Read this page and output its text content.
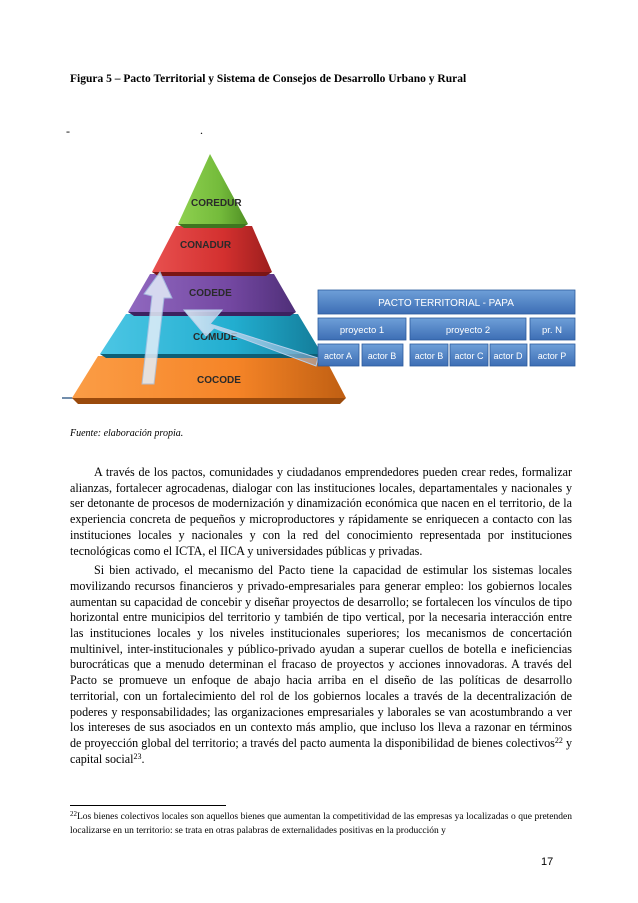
Figura 5 – Pacto Territorial y Sistema de Consejos de Desarrollo Urbano y Rural
-	.
COCODE
COMUDE
CODEDE
CONADUR
COREDUR
PACTO TERRITORIAL - PAPA
proyecto 1	proyecto 2	pr. N
actor A actor B actor B actor C actor D actor P
Fuente: elaboración propia.

A través de los pactos, comunidades y ciudadanos emprendedores pueden crear redes, formalizar alianzas, fortalecer agrocadenas, dialogar con las instituciones locales, departamentales y nacionales y ser detonante de procesos de modernización y dinamización económica que nacen en el territorio, de la experiencia concreta de pequeños y microproductores y rápidamente se enriquecen a contacto con las instituciones locales y nacionales y con la red del conocimiento representada por instituciones tecnológicas como el ICTA, el IICA y universidades públicas y privadas.

Si bien activado, el mecanismo del Pacto tiene la capacidad de estimular los sistemas locales movilizando recursos financieros y privado-empresariales para generar empleo: los gobiernos locales aumentan su capacidad de concebir y diseñar proyectos de desarrollo; se fortalecen los vínculos de tipo horizontal entre municipios del territorio y también de tipo vertical, por la necesaria interacción entre las instituciones locales y los niveles institucionales superiores; los mecanismos de concertación multinivel, inter-institucionales y público-privado ayudan a superar cuellos de botella e ineficiencias burocráticas que a menudo determinan el fracaso de proyectos y acciones innovadoras. A través del Pacto se promueve un enfoque de abajo hacia arriba en el diseño de las políticas de desarrollo territorial, con un fortalecimiento del rol de los gobiernos locales a través de la decentralización de poderes y responsabilidades; las organizaciones empresariales y laborales se van acostumbrando a ver los intereses de sus asociados en un contexto más amplio, que incluso los lleva a razonar en términos de proyección global del territorio; a través del pacto aumenta la disponibilidad de bienes colectivos$^{22}$ y capital social$^{23}$.

$^{22}$Los bienes colectivos locales son aquellos bienes que aumentan la competitividad de las empresas ya localizadas o que pretenden localizarse en un territorio: se trata en otras palabras de externalidades positivas en la producción y
17
